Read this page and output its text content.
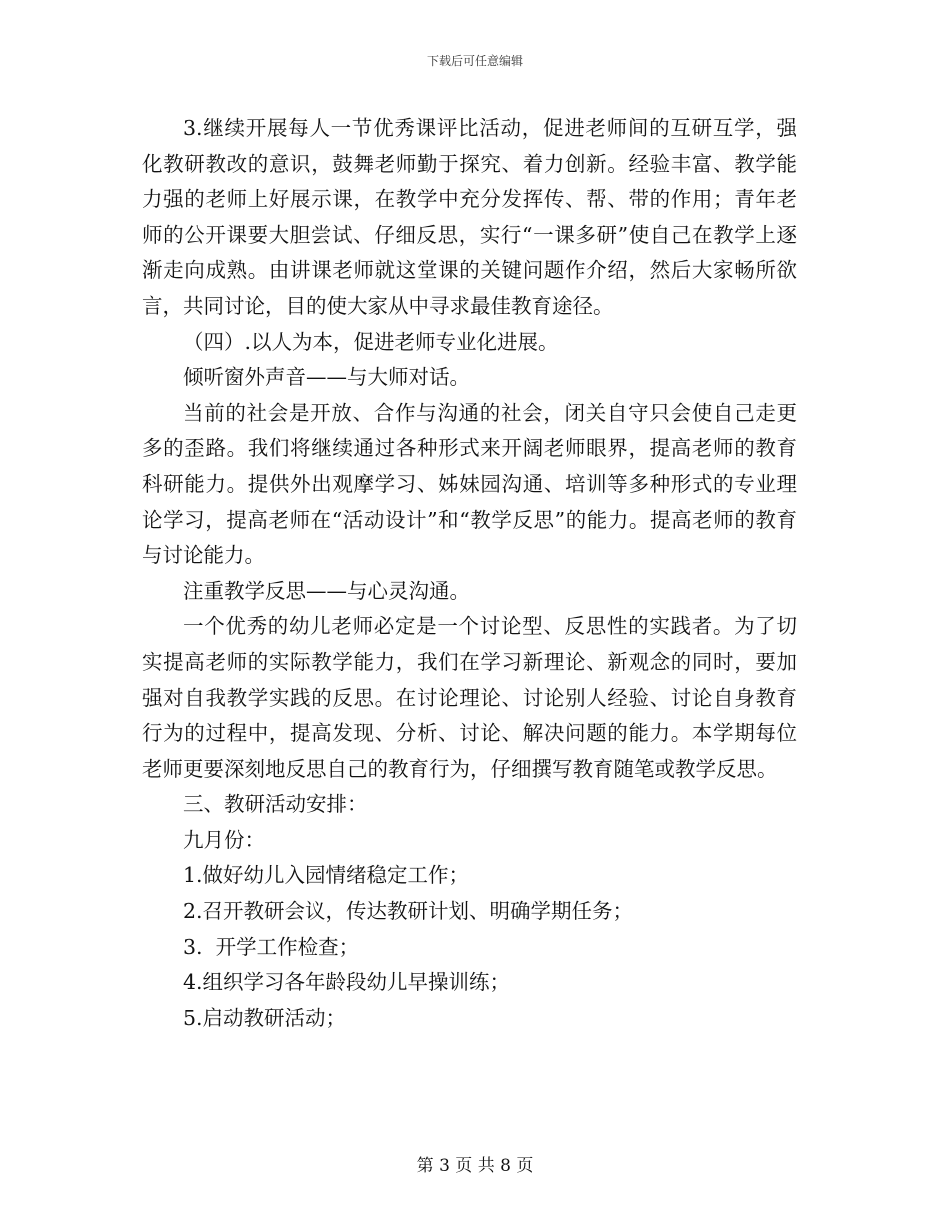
下载后可任意编辑

3.继续开展每人一节优秀课评比活动，促进老师间的互研互学，强化教研教改的意识，鼓舞老师勤于探究、着力创新。经验丰富、教学能力强的老师上好展示课，在教学中充分发挥传、帮、带的作用；青年老师的公开课要大胆尝试、仔细反思，实行“一课多研”使自己在教学上逐渐走向成熟。由讲课老师就这堂课的关键问题作介绍，然后大家畅所欲言，共同讨论，目的使大家从中寻求最佳教育途径。

（四）.以人为本，促进老师专业化进展。

倾听窗外声音——与大师对话。

当前的社会是开放、合作与沟通的社会，闭关自守只会使自己走更多的歪路。我们将继续通过各种形式来开阔老师眼界，提高老师的教育科研能力。提供外出观摩学习、姊妹园沟通、培训等多种形式的专业理论学习，提高老师在“活动设计”和“教学反思”的能力。提高老师的教育与讨论能力。

注重教学反思——与心灵沟通。

一个优秀的幼儿老师必定是一个讨论型、反思性的实践者。为了切实提高老师的实际教学能力，我们在学习新理论、新观念的同时，要加强对自我教学实践的反思。在讨论理论、讨论别人经验、讨论自身教育行为的过程中，提高发现、分析、讨论、解决问题的能力。本学期每位老师更要深刻地反思自己的教育行为，仔细撰写教育随笔或教学反思。

三、教研活动安排：

九月份：

1.做好幼儿入园情绪稳定工作；

2.召开教研会议，传达教研计划、明确学期任务；

3.  开学工作检查；

4.组织学习各年龄段幼儿早操训练；

5.启动教研活动；

第 3 页 共 8 页
